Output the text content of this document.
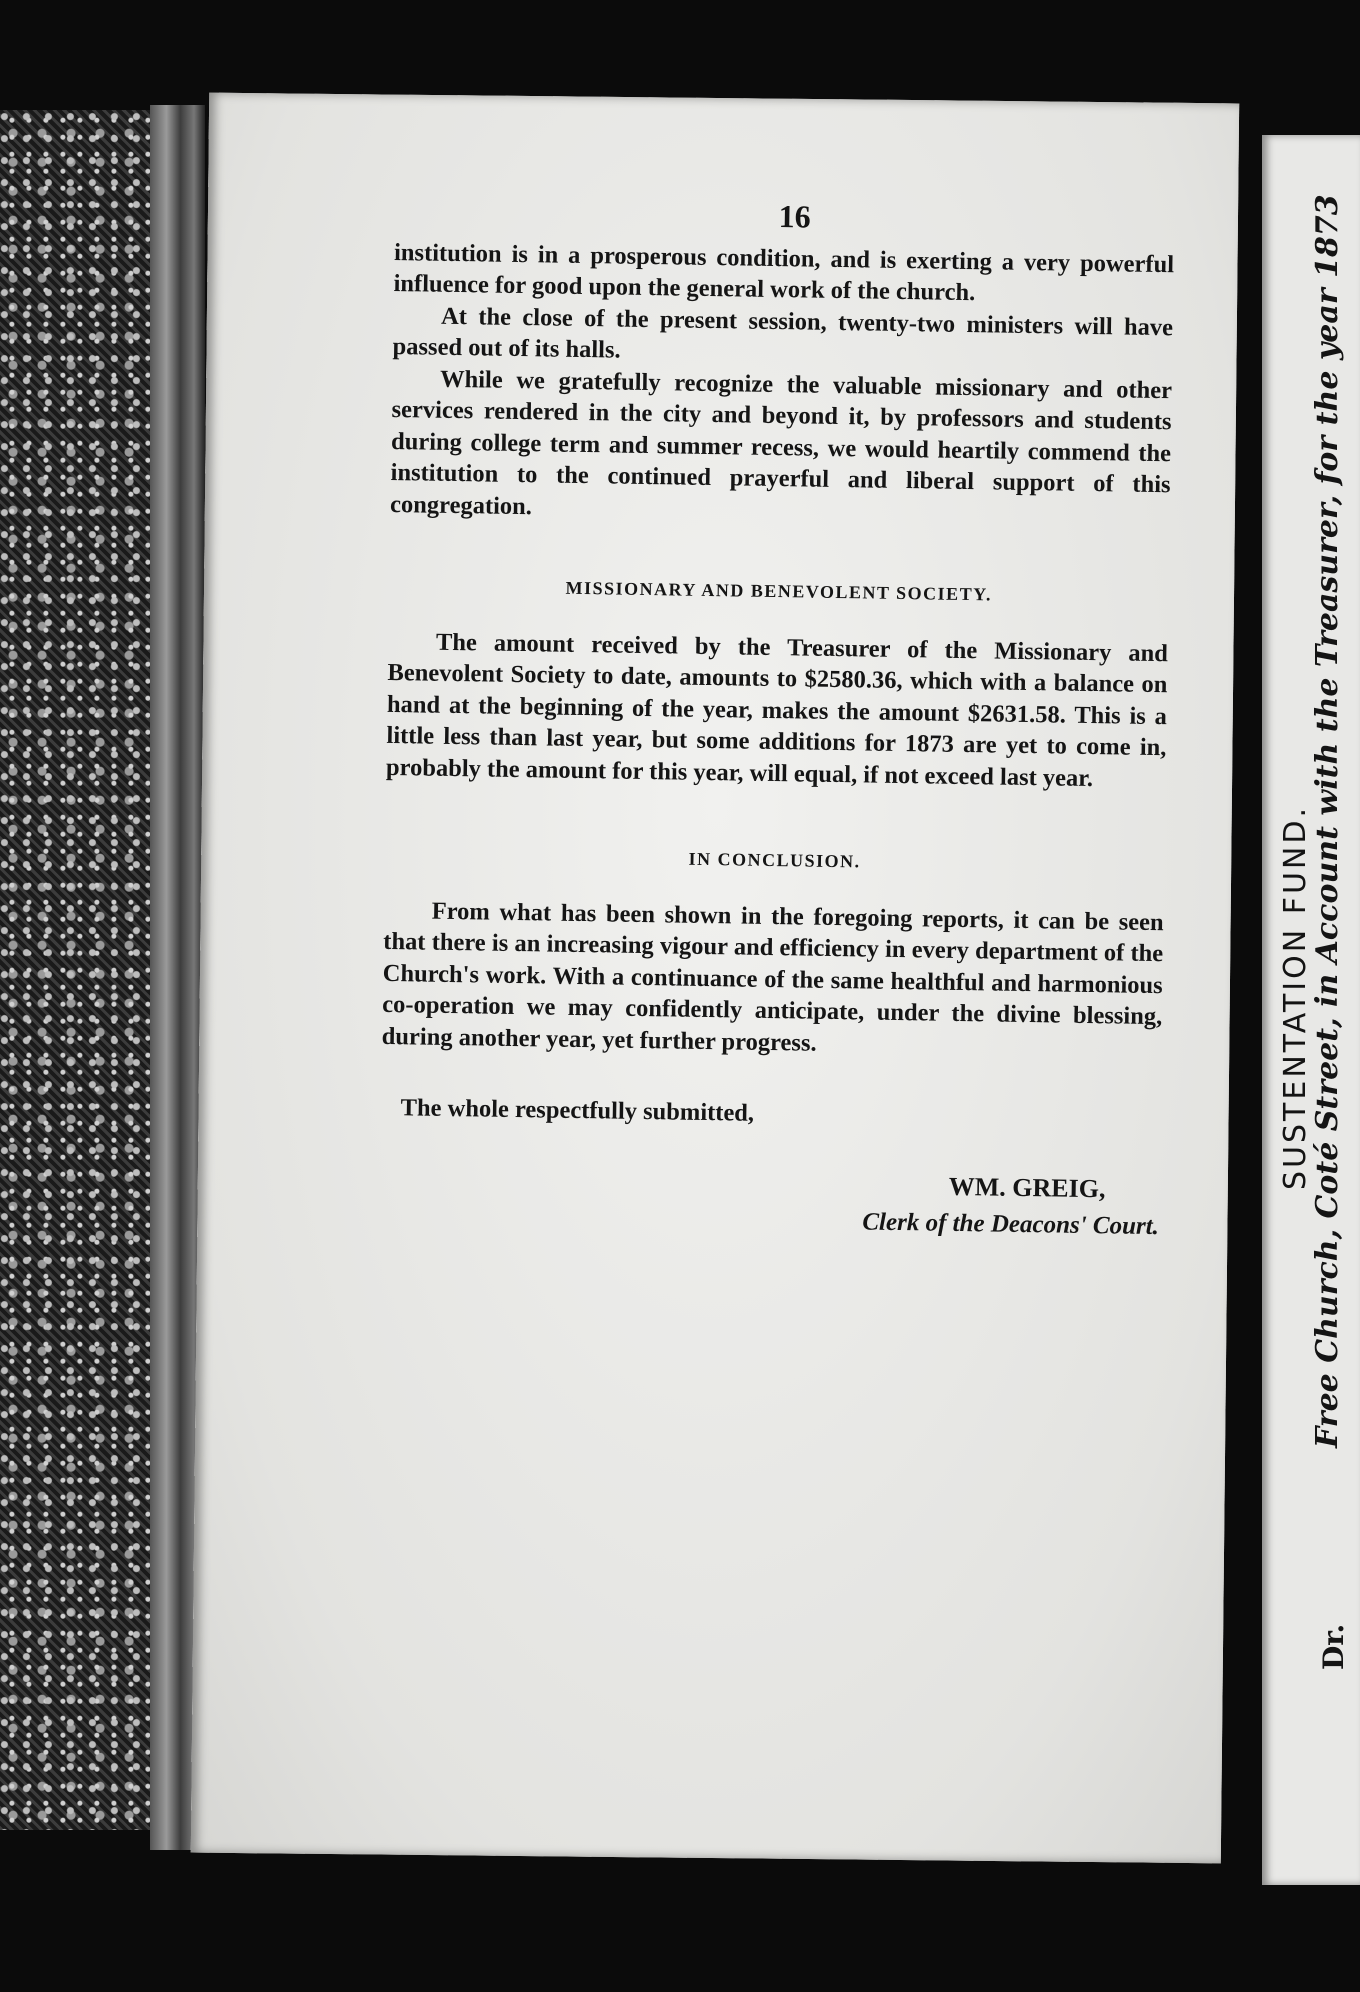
Free Church, Coté Street, in Account with the Treasurer, for the year 1873
SUSTENTATION FUND.
Dr.
16

institution is in a prosperous condition, and is exerting a very powerful influence for good upon the general work of the church.

At the close of the present session, twenty-two ministers will have passed out of its halls.

While we gratefully recognize the valuable missionary and other services rendered in the city and beyond it, by professors and students during college term and summer recess, we would heartily commend the institution to the continued prayerful and liberal support of this congregation.

MISSIONARY AND BENEVOLENT SOCIETY.

The amount received by the Treasurer of the Missionary and Benevolent Society to date, amounts to $2580.36, which with a balance on hand at the beginning of the year, makes the amount $2631.58. This is a little less than last year, but some additions for 1873 are yet to come in, probably the amount for this year, will equal, if not exceed last year.

IN CONCLUSION.

From what has been shown in the foregoing reports, it can be seen that there is an increasing vigour and efficiency in every department of the Church's work. With a continuance of the same healthful and harmonious co-operation we may confidently anticipate, under the divine blessing, during another year, yet further progress.

The whole respectfully submitted,

WM. GREIG,
Clerk of the Deacons' Court.
